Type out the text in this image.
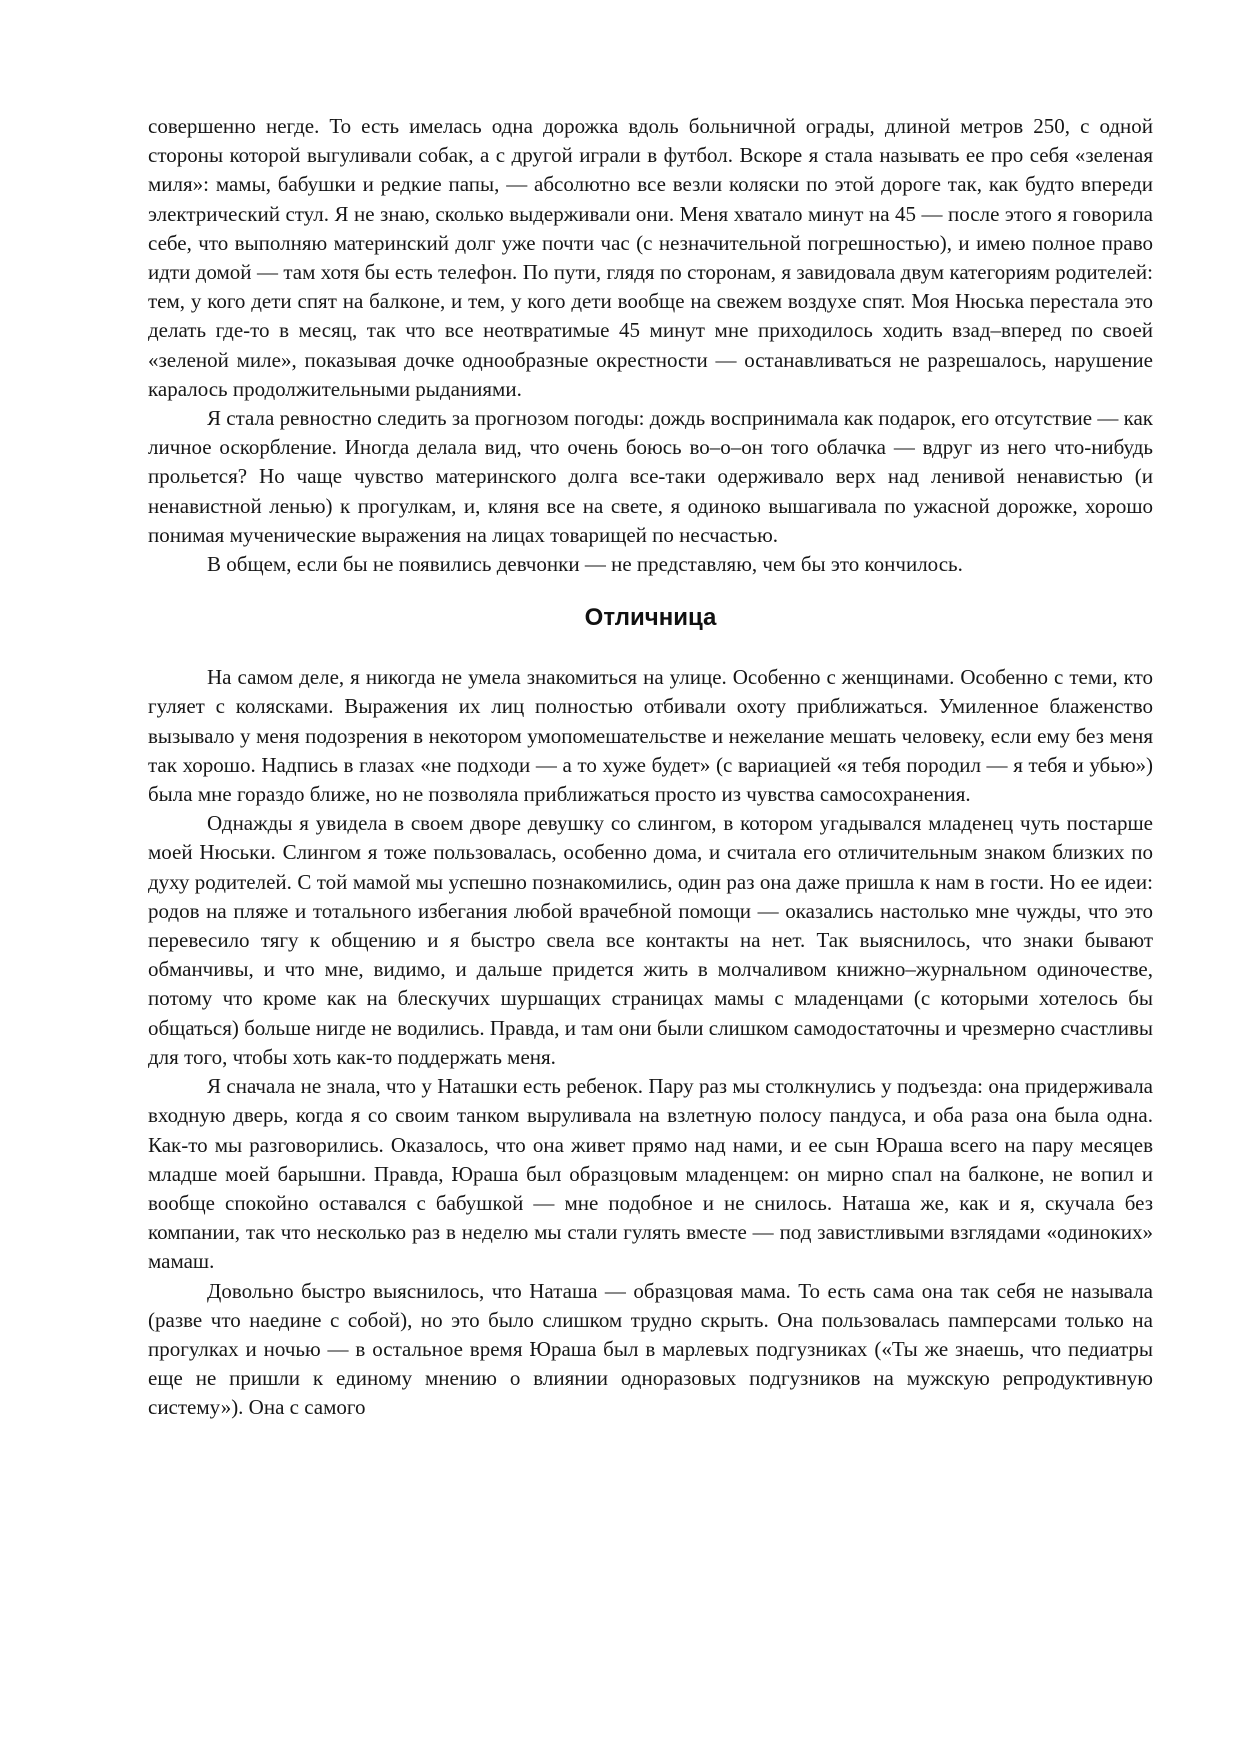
совершенно негде. То есть имелась одна дорожка вдоль больничной ограды, длиной метров 250, с одной стороны которой выгуливали собак, а с другой играли в футбол. Вскоре я стала называть ее про себя «зеленая миля»: мамы, бабушки и редкие папы, — абсолютно все везли коляски по этой дороге так, как будто впереди электрический стул. Я не знаю, сколько выдерживали они. Меня хватало минут на 45 — после этого я говорила себе, что выполняю материнский долг уже почти час (с незначительной погрешностью), и имею полное право идти домой — там хотя бы есть телефон. По пути, глядя по сторонам, я завидовала двум категориям родителей: тем, у кого дети спят на балконе, и тем, у кого дети вообще на свежем воздухе спят. Моя Нюська перестала это делать где-то в месяц, так что все неотвратимые 45 минут мне приходилось ходить взад–вперед по своей «зеленой миле», показывая дочке однообразные окрестности — останавливаться не разрешалось, нарушение каралось продолжительными рыданиями.

Я стала ревностно следить за прогнозом погоды: дождь воспринимала как подарок, его отсутствие — как личное оскорбление. Иногда делала вид, что очень боюсь во–о–он того облачка — вдруг из него что-нибудь прольется? Но чаще чувство материнского долга все-таки одерживало верх над ленивой ненавистью (и ненавистной ленью) к прогулкам, и, кляня все на свете, я одиноко вышагивала по ужасной дорожке, хорошо понимая мученические выражения на лицах товарищей по несчастью.

В общем, если бы не появились девчонки — не представляю, чем бы это кончилось.

Отличница

На самом деле, я никогда не умела знакомиться на улице. Особенно с женщинами. Особенно с теми, кто гуляет с колясками. Выражения их лиц полностью отбивали охоту приближаться. Умиленное блаженство вызывало у меня подозрения в некотором умопомешательстве и нежелание мешать человеку, если ему без меня так хорошо. Надпись в глазах «не подходи — а то хуже будет» (с вариацией «я тебя породил — я тебя и убью») была мне гораздо ближе, но не позволяла приближаться просто из чувства самосохранения.

Однажды я увидела в своем дворе девушку со слингом, в котором угадывался младенец чуть постарше моей Нюськи. Слингом я тоже пользовалась, особенно дома, и считала его отличительным знаком близких по духу родителей. С той мамой мы успешно познакомились, один раз она даже пришла к нам в гости. Но ее идеи: родов на пляже и тотального избегания любой врачебной помощи — оказались настолько мне чужды, что это перевесило тягу к общению и я быстро свела все контакты на нет. Так выяснилось, что знаки бывают обманчивы, и что мне, видимо, и дальше придется жить в молчаливом книжно–журнальном одиночестве, потому что кроме как на блескучих шуршащих страницах мамы с младенцами (с которыми хотелось бы общаться) больше нигде не водились. Правда, и там они были слишком самодостаточны и чрезмерно счастливы для того, чтобы хоть как-то поддержать меня.

Я сначала не знала, что у Наташки есть ребенок. Пару раз мы столкнулись у подъезда: она придерживала входную дверь, когда я со своим танком выруливала на взлетную полосу пандуса, и оба раза она была одна. Как-то мы разговорились. Оказалось, что она живет прямо над нами, и ее сын Юраша всего на пару месяцев младше моей барышни. Правда, Юраша был образцовым младенцем: он мирно спал на балконе, не вопил и вообще спокойно оставался с бабушкой — мне подобное и не снилось. Наташа же, как и я, скучала без компании, так что несколько раз в неделю мы стали гулять вместе — под завистливыми взглядами «одиноких» мамаш.

Довольно быстро выяснилось, что Наташа — образцовая мама. То есть сама она так себя не называла (разве что наедине с собой), но это было слишком трудно скрыть. Она пользовалась памперсами только на прогулках и ночью — в остальное время Юраша был в марлевых подгузниках («Ты же знаешь, что педиатры еще не пришли к единому мнению о влиянии одноразовых подгузников на мужскую репродуктивную систему»). Она с самого
